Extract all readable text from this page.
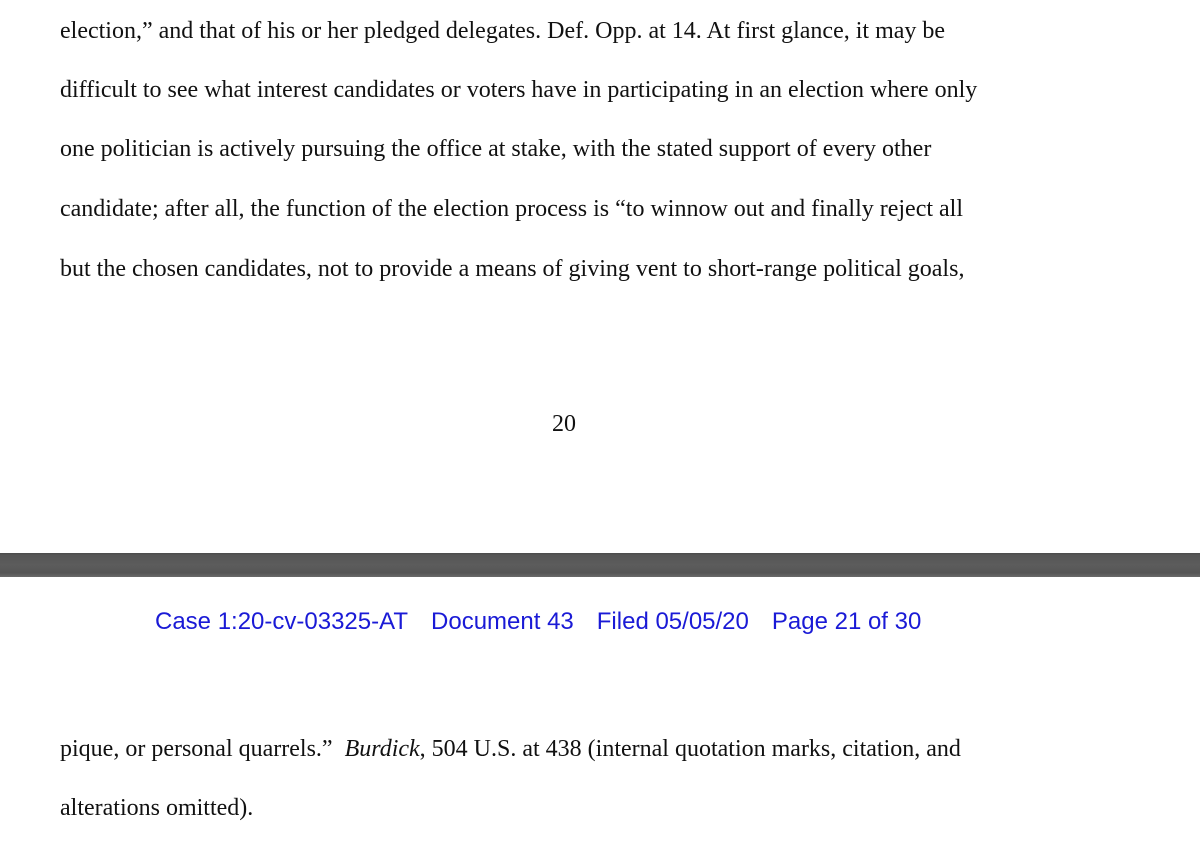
election,” and that of his or her pledged delegates. Def. Opp. at 14. At first glance, it may be

difficult to see what interest candidates or voters have in participating in an election where only

one politician is actively pursuing the office at stake, with the stated support of every other

candidate; after all, the function of the election process is “to winnow out and finally reject all

but the chosen candidates, not to provide a means of giving vent to short-range political goals,

20
Case 1:20-cv-03325-AT Document 43 Filed 05/05/20 Page 21 of 30

pique, or personal quarrels.”  Burdick, 504 U.S. at 438 (internal quotation marks, citation, and

alterations omitted).
